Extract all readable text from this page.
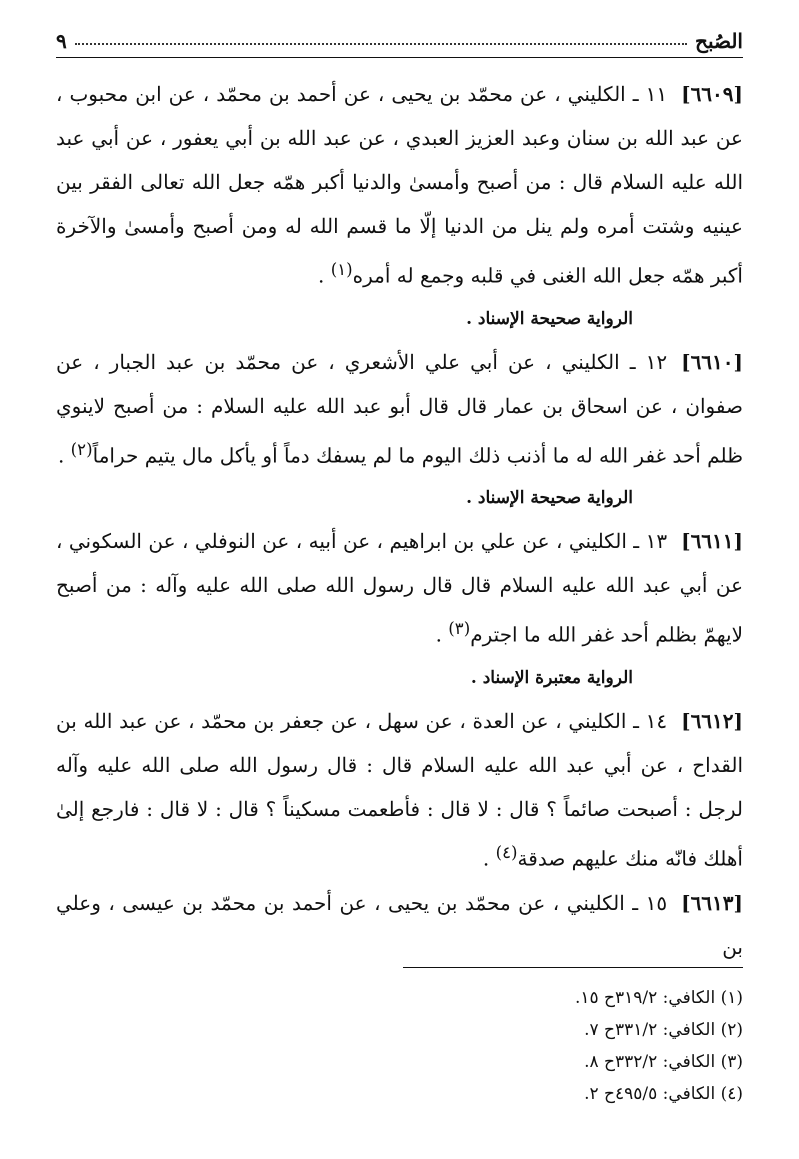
الصُبح
٩

[٦٦٠٩]١١ ـ الكليني ، عن محمّد بن يحيى ، عن أحمد بن محمّد ، عن ابن محبوب ، عن عبد الله بن سنان وعبد العزيز العبدي ، عن عبد الله بن أبي يعفور ، عن أبي عبد الله عليه السلام قال : من أصبح وأمسىٰ والدنيا أكبر همّه جعل الله تعالى الفقر بين عينيه وشتت أمره ولم ينل من الدنيا إلّا ما قسم الله له ومن أصبح وأمسىٰ والآخرة أكبر همّه جعل الله الغنى في قلبه وجمع له أمره$^{(١)}$ .

الرواية صحيحة الإسناد .

[٦٦١٠]١٢ ـ الكليني ، عن أبي علي الأشعري ، عن محمّد بن عبد الجبار ، عن صفوان ، عن اسحاق بن عمار قال قال أبو عبد الله عليه السلام : من أصبح لاينوي ظلم أحد غفر الله له ما أذنب ذلك اليوم ما لم يسفك دماً أو يأكل مال يتيم حراماً$^{(٢)}$ .

الرواية صحيحة الإسناد .

[٦٦١١]١٣ ـ الكليني ، عن علي بن ابراهيم ، عن أبيه ، عن النوفلي ، عن السكوني ، عن أبي عبد الله عليه السلام قال قال رسول الله صلى الله عليه وآله : من أصبح لايهمّ بظلم أحد غفر الله ما اجترم$^{(٣)}$ .

الرواية معتبرة الإسناد .

[٦٦١٢]١٤ ـ الكليني ، عن العدة ، عن سهل ، عن جعفر بن محمّد ، عن عبد الله بن القداح ، عن أبي عبد الله عليه السلام قال : قال رسول الله صلى الله عليه وآله لرجل : أصبحت صائماً ؟ قال : لا قال : فأطعمت مسكيناً ؟ قال : لا قال : فارجع إلىٰ أهلك فانّه منك عليهم صدقة$^{(٤)}$ .

[٦٦١٣]١٥ ـ الكليني ، عن محمّد بن يحيى ، عن أحمد بن محمّد بن عيسى ، وعلي بن

(١) الكافي: ٣١٩/٢ح ١٥.
(٢) الكافي: ٣٣١/٢ح ٧.
(٣) الكافي: ٣٣٢/٢ح ٨.
(٤) الكافي: ٤٩٥/٥ح ٢.
